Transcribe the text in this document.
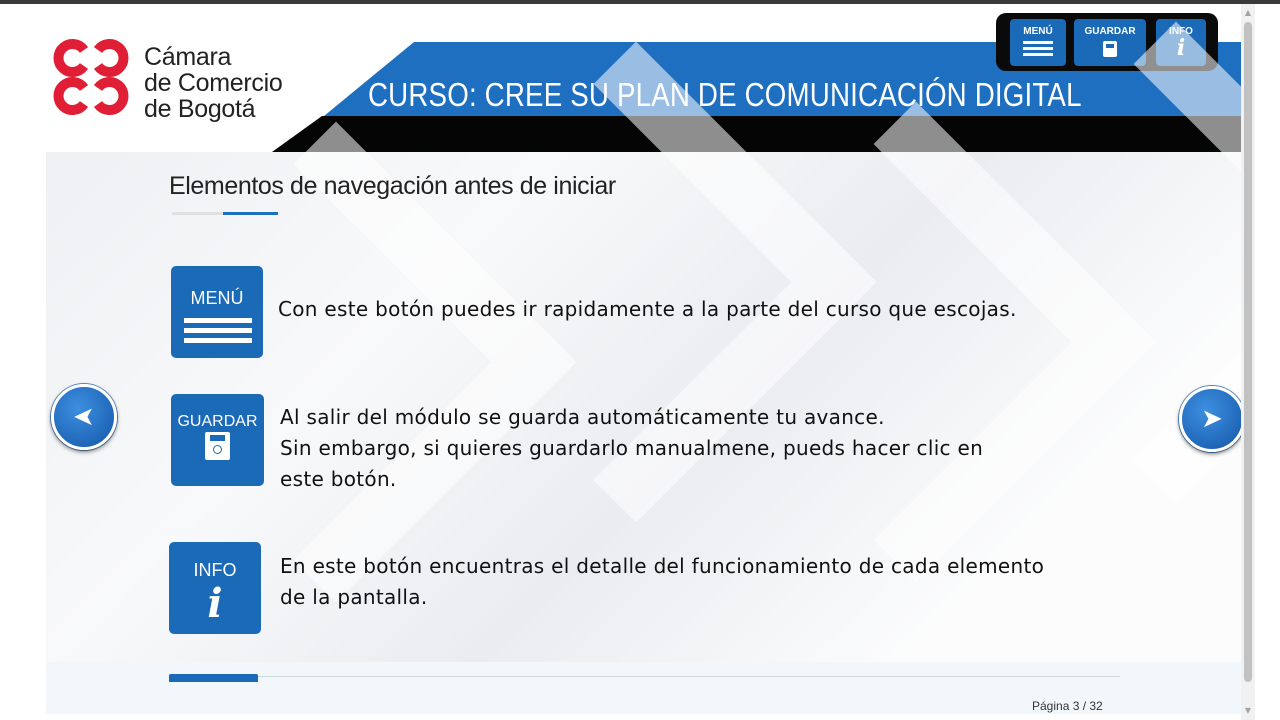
CURSO: CREE SU PLAN DE COMUNICACIÓN DIGITAL
Cámara
de Comercio
de Bogotá
MENÚ	GUARDAR	INFO
i
Elementos de navegación antes de iniciar
MENÚ	Con este botón puedes ir rapidamente a la parte del curso que escojas.
GUARDAR	Al salir del módulo se guarda automáticamente tu avance.
Sin embargo, si quieres guardarlo manualmene, pueds hacer clic en
este botón.
INFO
i
En este botón encuentras el detalle del funcionamiento de cada elemento
de la pantalla.
➤	➤
Página 3 / 32
▲
▼
